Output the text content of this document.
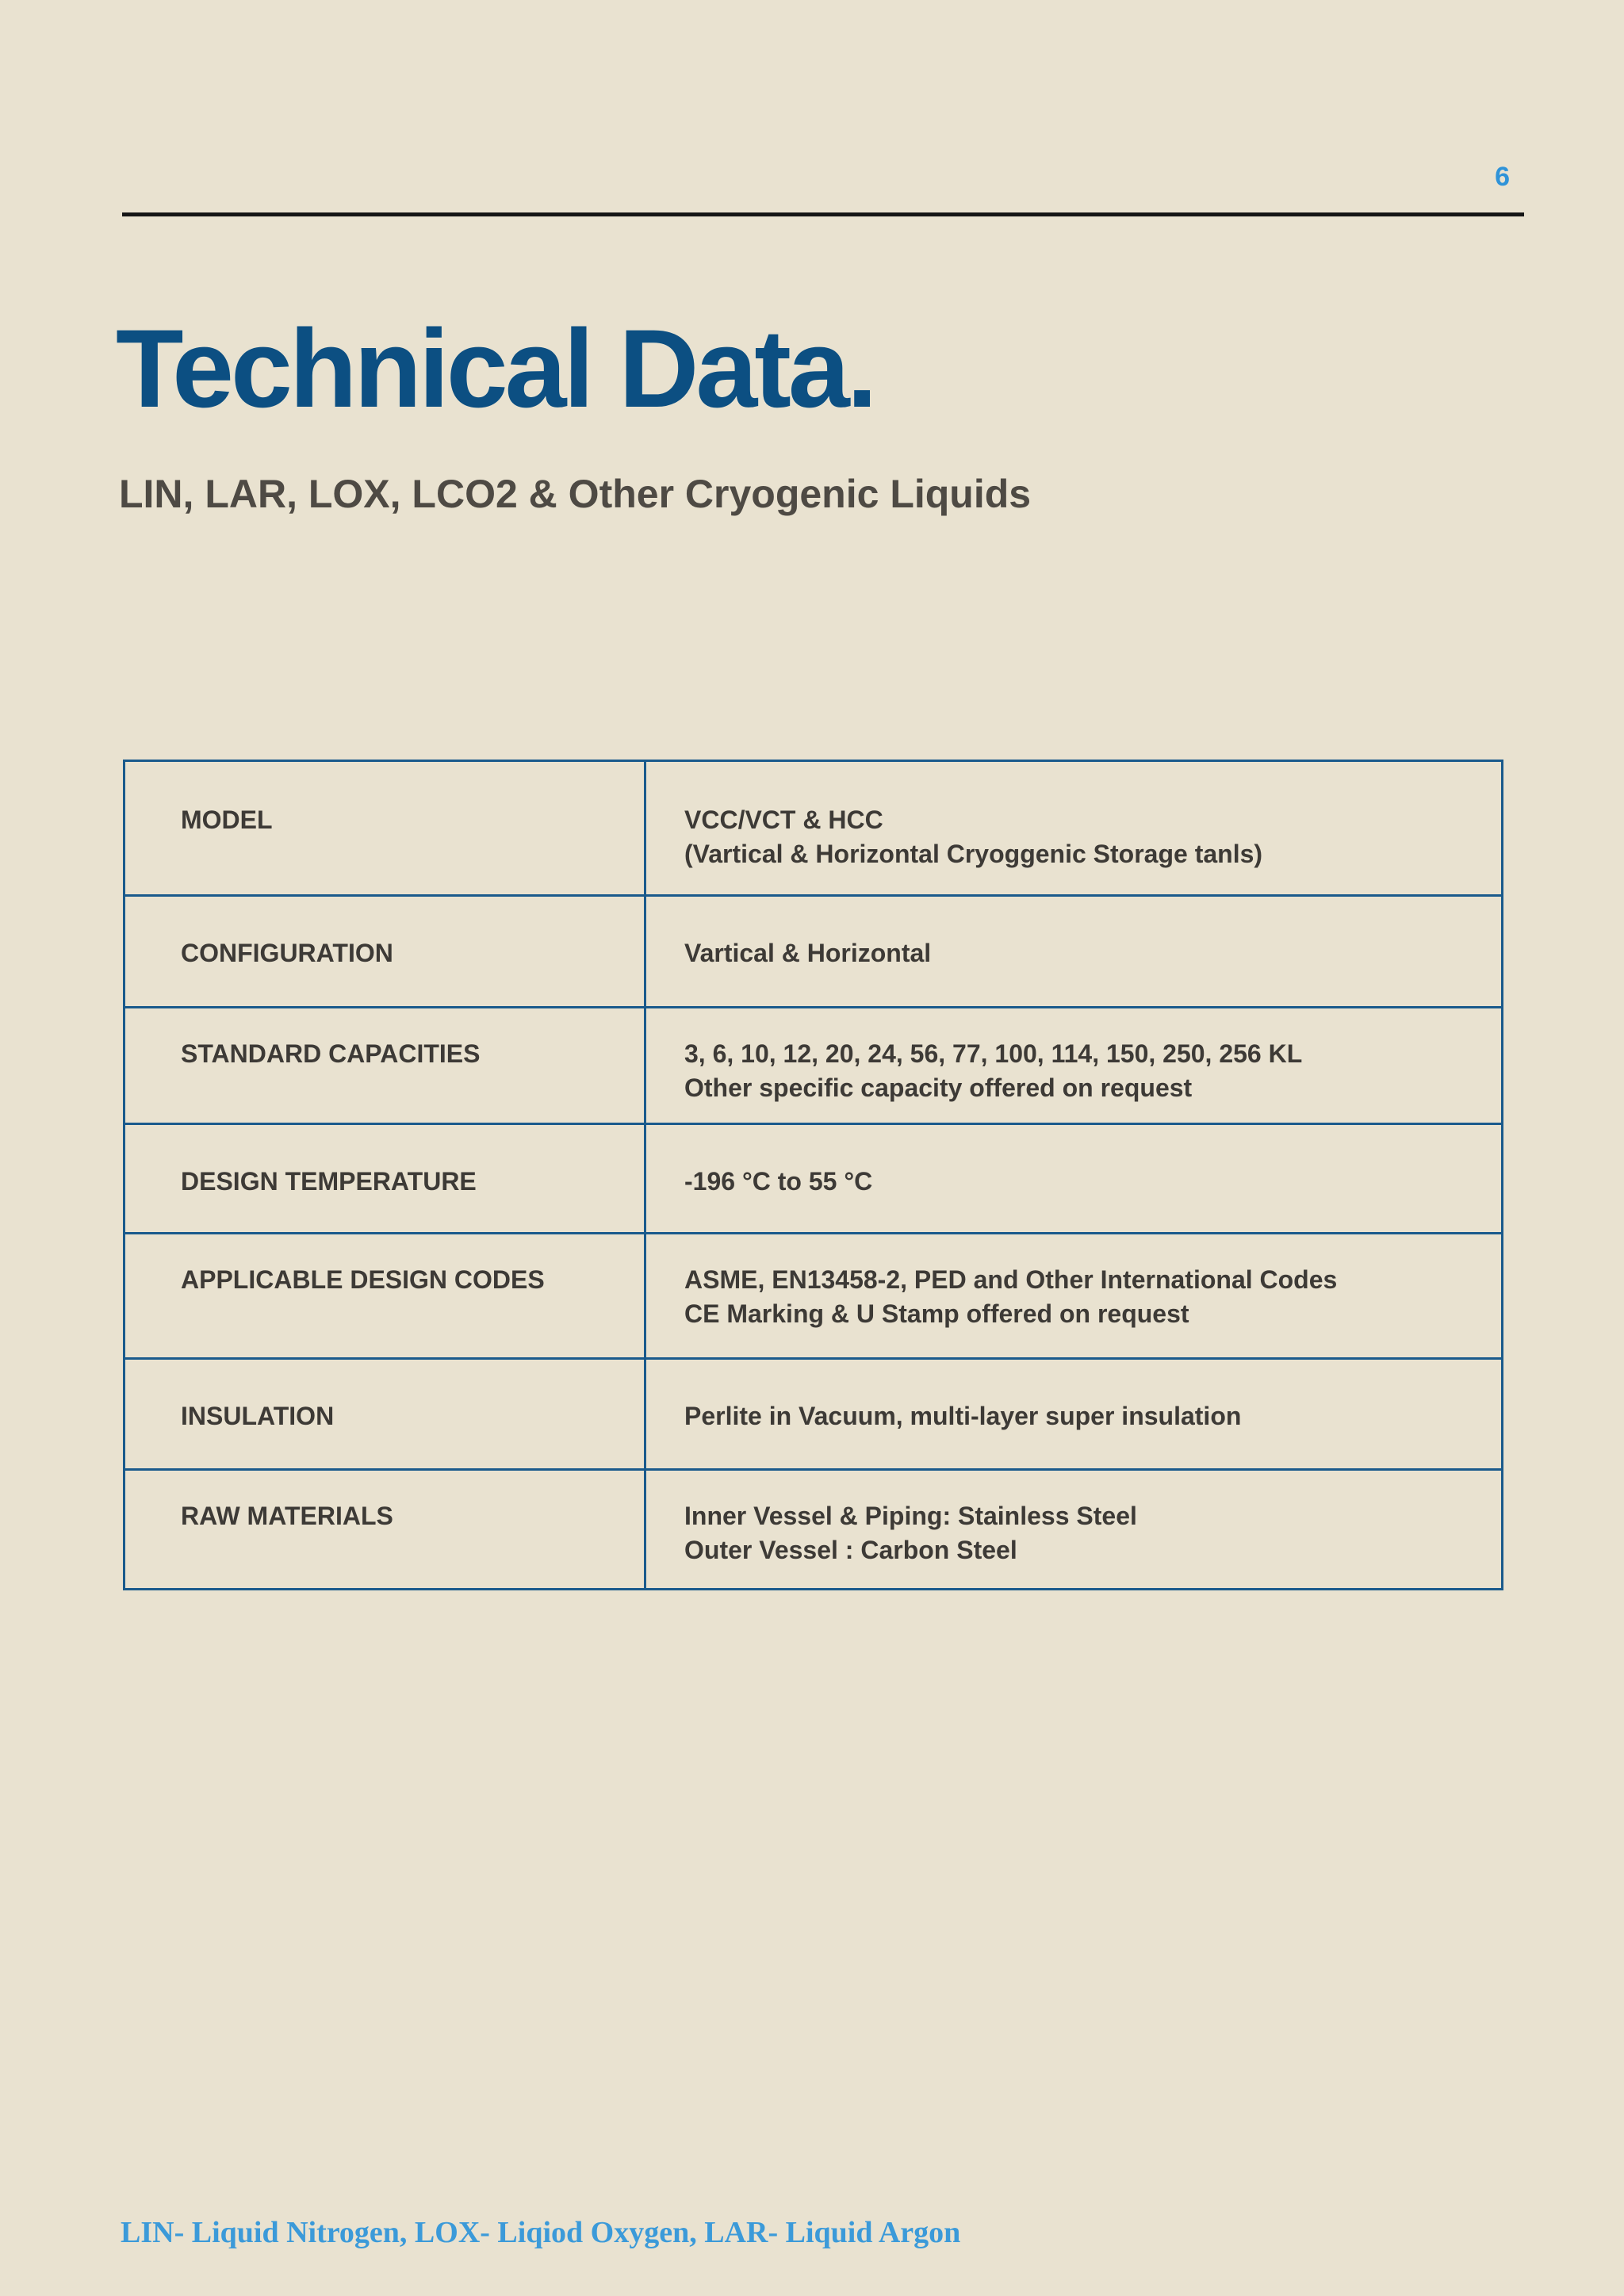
6
Technical Data.
LIN, LAR, LOX, LCO2 & Other Cryogenic Liquids
MODEL	VCC/VCT & HCC
(Vartical & Horizontal Cryoggenic Storage tanls)

CONFIGURATION	Vartical & Horizontal

STANDARD CAPACITIES	3, 6, 10, 12, 20, 24, 56, 77, 100, 114, 150, 250, 256 KL
Other specific capacity offered on request

DESIGN TEMPERATURE	-196 °C to 55 °C

APPLICABLE DESIGN CODES	ASME, EN13458-2, PED and Other International Codes
CE Marking & U Stamp offered on request

INSULATION	Perlite in Vacuum, multi-layer super insulation

RAW MATERIALS	Inner Vessel & Piping: Stainless Steel
Outer Vessel : Carbon Steel
LIN- Liquid Nitrogen, LOX- Liqiod Oxygen, LAR- Liquid Argon
